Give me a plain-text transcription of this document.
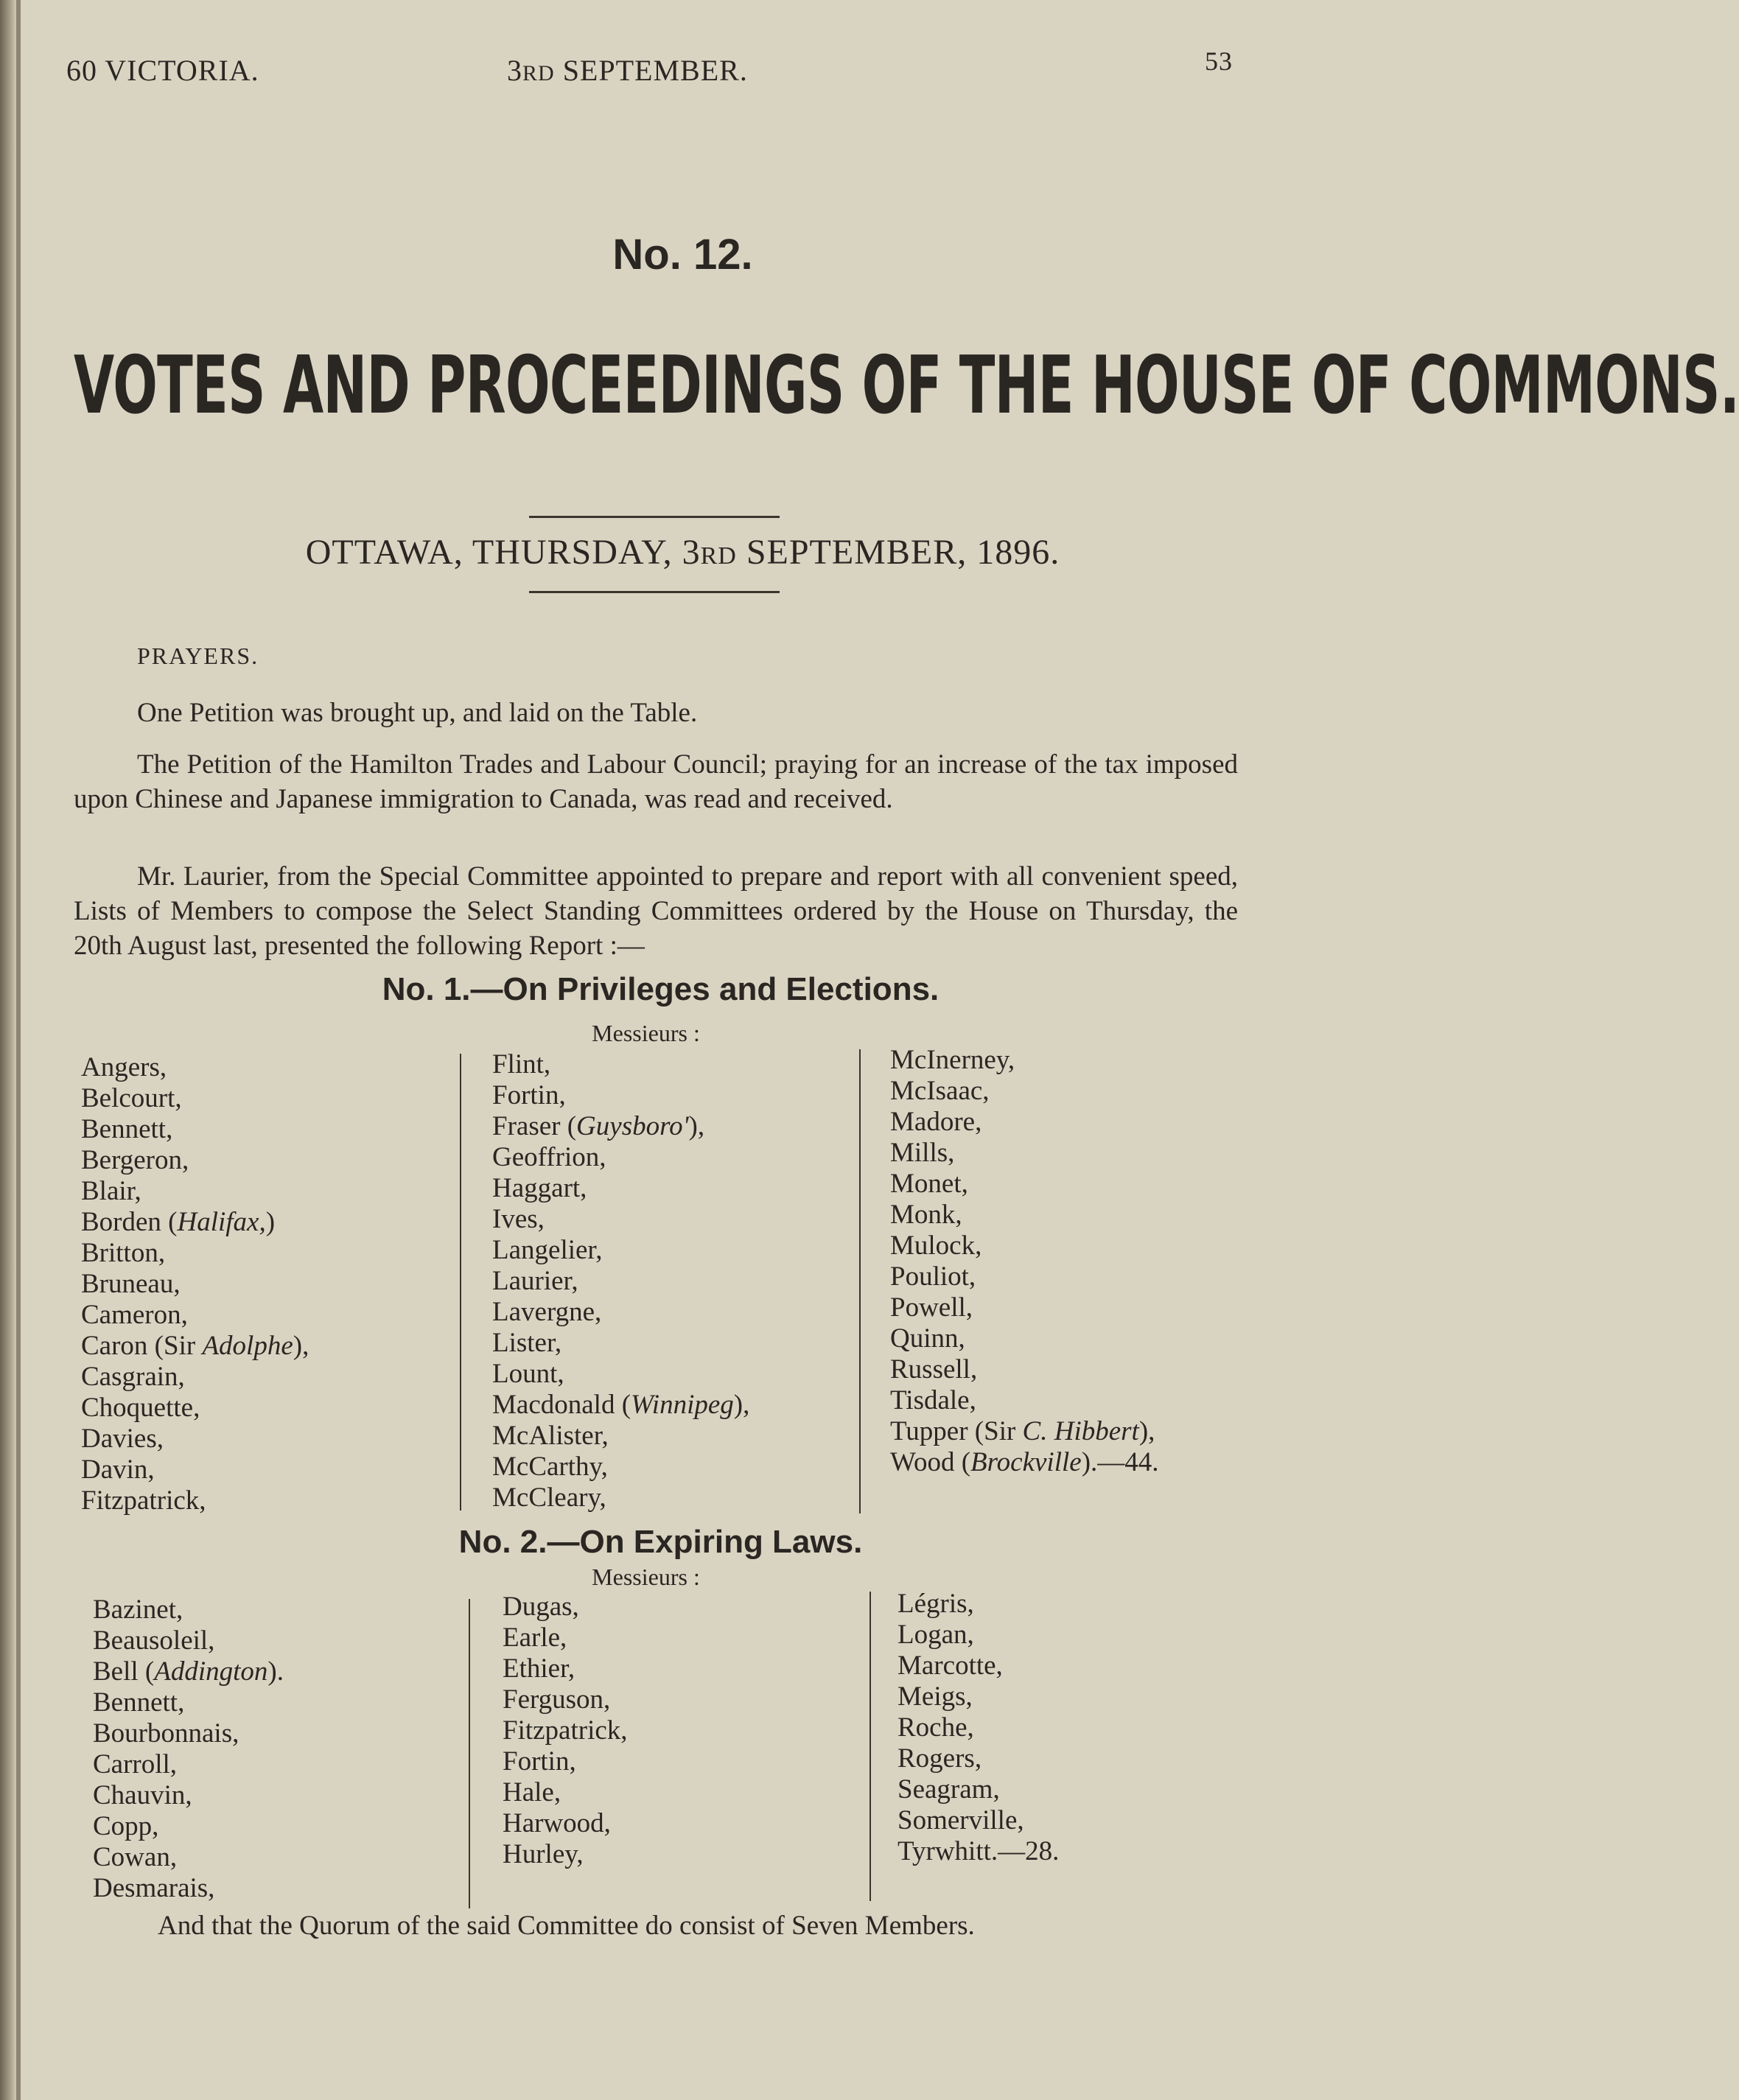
60 VICTORIA.	3RD SEPTEMBER.	53
No. 12.
VOTES AND PROCEEDINGS OF THE HOUSE OF COMMONS.
OTTAWA, THURSDAY, 3RD SEPTEMBER, 1896.
PRAYERS.
One Petition was brought up, and laid on the Table.
The Petition of the Hamilton Trades and Labour Council; praying for an increase of the tax imposed upon Chinese and Japanese immigration to Canada, was read and received.
Mr. Laurier, from the Special Committee appointed to prepare and report with all convenient speed, Lists of Members to compose the Select Standing Committees ordered by the House on Thursday, the 20th August last, presented the following Report :—
No. 1.—On Privileges and Elections.
Messieurs :
Angers,
Belcourt,
Bennett,
Bergeron,
Blair,
Borden (Halifax,)
Britton,
Bruneau,
Cameron,
Caron (Sir Adolphe),
Casgrain,
Choquette,
Davies,
Davin,
Fitzpatrick,
Flint,
Fortin,
Fraser (Guysboro'),
Geoffrion,
Haggart,
Ives,
Langelier,
Laurier,
Lavergne,
Lister,
Lount,
Macdonald (Winnipeg),
McAlister,
McCarthy,
McCleary,
McInerney,
McIsaac,
Madore,
Mills,
Monet,
Monk,
Mulock,
Pouliot,
Powell,
Quinn,
Russell,
Tisdale,
Tupper (Sir C. Hibbert),
Wood (Brockville).—44.
No. 2.—On Expiring Laws.
Messieurs :
Bazinet,
Beausoleil,
Bell (Addington).
Bennett,
Bourbonnais,
Carroll,
Chauvin,
Copp,
Cowan,
Desmarais,
Dugas,
Earle,
Ethier,
Ferguson,
Fitzpatrick,
Fortin,
Hale,
Harwood,
Hurley,
Légris,
Logan,
Marcotte,
Meigs,
Roche,
Rogers,
Seagram,
Somerville,
Tyrwhitt.—28.
And that the Quorum of the said Committee do consist of Seven Members.
